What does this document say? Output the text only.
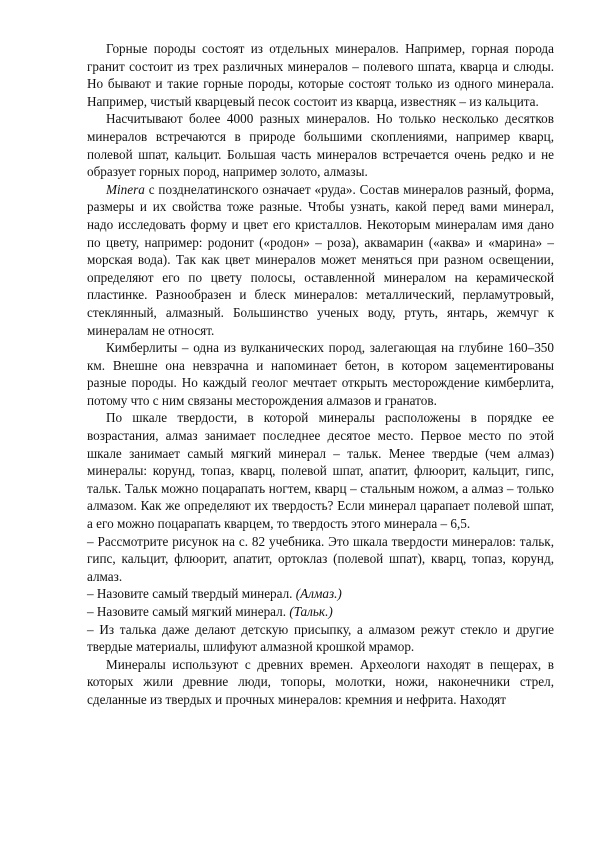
Горные породы состоят из отдельных минералов. Например, горная порода гранит состоит из трех различных минералов – полевого шпата, кварца и слюды. Но бывают и такие горные породы, которые состоят только из одного минерала. Например, чистый кварцевый песок состоит из кварца, известняк – из кальцита.

Насчитывают более 4000 разных минералов. Но только несколько десятков минералов встречаются в природе большими скоплениями, например кварц, полевой шпат, кальцит. Большая часть минералов встречается очень редко и не образует горных пород, например золото, алмазы.

Minera с позднелатинского означает «руда». Состав минералов разный, форма, размеры и их свойства тоже разные. Чтобы узнать, какой перед вами минерал, надо исследовать форму и цвет его кристаллов. Некоторым минералам имя дано по цвету, например: родонит («родон» – роза), аквамарин («аква» и «марина» – морская вода). Так как цвет минералов может меняться при разном освещении, определяют его по цвету полосы, оставленной минералом на керамической пластинке. Разнообразен и блеск минералов: металлический, перламутровый, стеклянный, алмазный. Большинство ученых воду, ртуть, янтарь, жемчуг к минералам не относят.

Кимберлиты – одна из вулканических пород, залегающая на глубине 160–350 км. Внешне она невзрачна и напоминает бетон, в котором зацементированы разные породы. Но каждый геолог мечтает открыть месторождение кимберлита, потому что с ним связаны месторождения алмазов и гранатов.

По шкале твердости, в которой минералы расположены в порядке ее возрастания, алмаз занимает последнее десятое место. Первое место по этой шкале занимает самый мягкий минерал – тальк. Менее твердые (чем алмаз) минералы: корунд, топаз, кварц, полевой шпат, апатит, флюорит, кальцит, гипс, тальк. Тальк можно поцарапать ногтем, кварц – стальным ножом, а алмаз – только алмазом. Как же определяют их твердость? Если минерал царапает полевой шпат, а его можно поцарапать кварцем, то твердость этого минерала – 6,5.

– Рассмотрите рисунок на с. 82 учебника. Это шкала твердости минералов: тальк, гипс, кальцит, флюорит, апатит, ортоклаз (полевой шпат), кварц, топаз, корунд, алмаз.

– Назовите самый твердый минерал. (Алмаз.)

– Назовите самый мягкий минерал. (Тальк.)

– Из талька даже делают детскую присыпку, а алмазом режут стекло и другие твердые материалы, шлифуют алмазной крошкой мрамор.

Минералы используют с древних времен. Археологи находят в пещерах, в которых жили древние люди, топоры, молотки, ножи, наконечники стрел, сделанные из твердых и прочных минералов: кремния и нефрита. Находят
